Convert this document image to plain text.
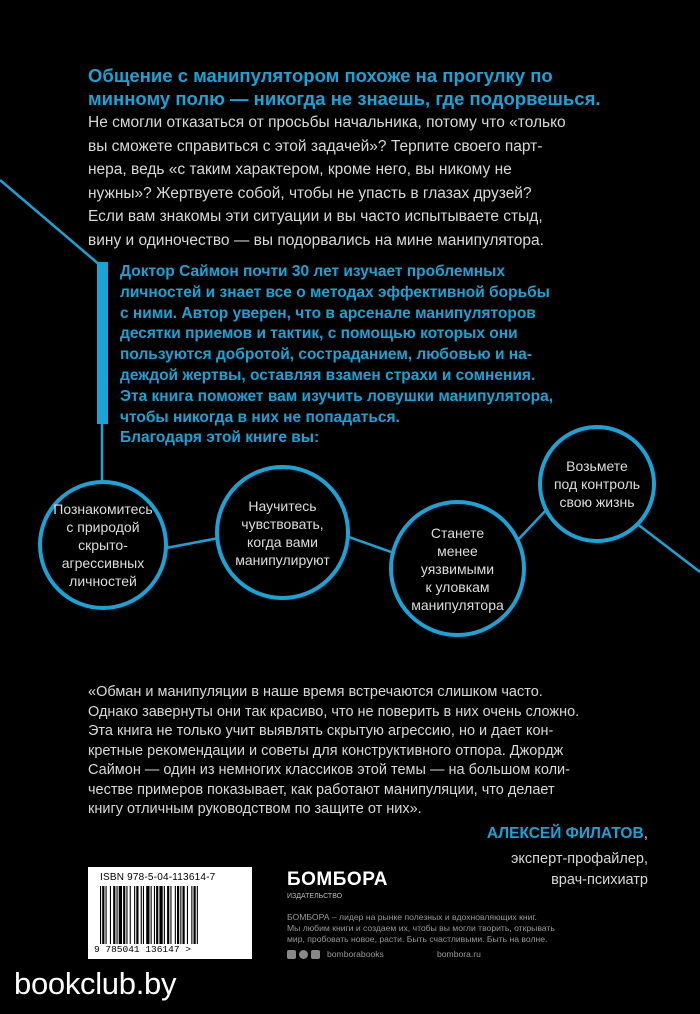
Общение с манипулятором похоже на прогулку по
минному полю — никогда не знаешь, где подорвешься.
Не смогли отказаться от просьбы начальника, потому что «только
вы сможете справиться с этой задачей»? Терпите своего парт-
нера, ведь «с таким характером, кроме него, вы никому не
нужны»? Жертвуете собой, чтобы не упасть в глазах друзей?
Если вам знакомы эти ситуации и вы часто испытываете стыд,
вину и одиночество — вы подорвались на мине манипулятора.
Доктор Саймон почти 30 лет изучает проблемных
личностей и знает все о методах эффективной борьбы
с ними. Автор уверен, что в арсенале манипуляторов
десятки приемов и тактик, с помощью которых они
пользуются добротой, состраданием, любовью и на-
деждой жертвы, оставляя взамен страхи и сомнения.
Эта книга поможет вам изучить ловушки манипулятора,
чтобы никогда в них не попадаться.
Благодаря этой книге вы:
Познакомитесь
с природой
скрыто-
агрессивных
личностей
Научитесь
чувствовать,
когда вами
манипулируют
Станете
менее
уязвимыми
к уловкам
манипулятора
Возьмете
под контроль
свою жизнь
«Обман и манипуляции в наше время встречаются слишком часто.
Однако завернуты они так красиво, что не поверить в них очень сложно.
Эта книга не только учит выявлять скрытую агрессию, но и дает кон-
кретные рекомендации и советы для конструктивного отпора. Джордж
Саймон — один из немногих классиков этой темы — на большом коли-
честве примеров показывает, как работают манипуляции, что делает
книгу отличным руководством по защите от них».
АЛЕКСЕЙ ФИЛАТОВ,
эксперт-профайлер,
врач-психиатр
ISBN 978-5-04-113614-7
9 785041 136147 >
БОМБОРА
ИЗДАТЕЛЬСТВО
БОМБОРА – лидер на рынке полезных и вдохновляющих книг.
Мы любим книги и создаем их, чтобы вы могли творить, открывать
мир, пробовать новое, расти. Быть счастливыми. Быть на волне.
bomborabooks	bombora.ru
bookclub.by
